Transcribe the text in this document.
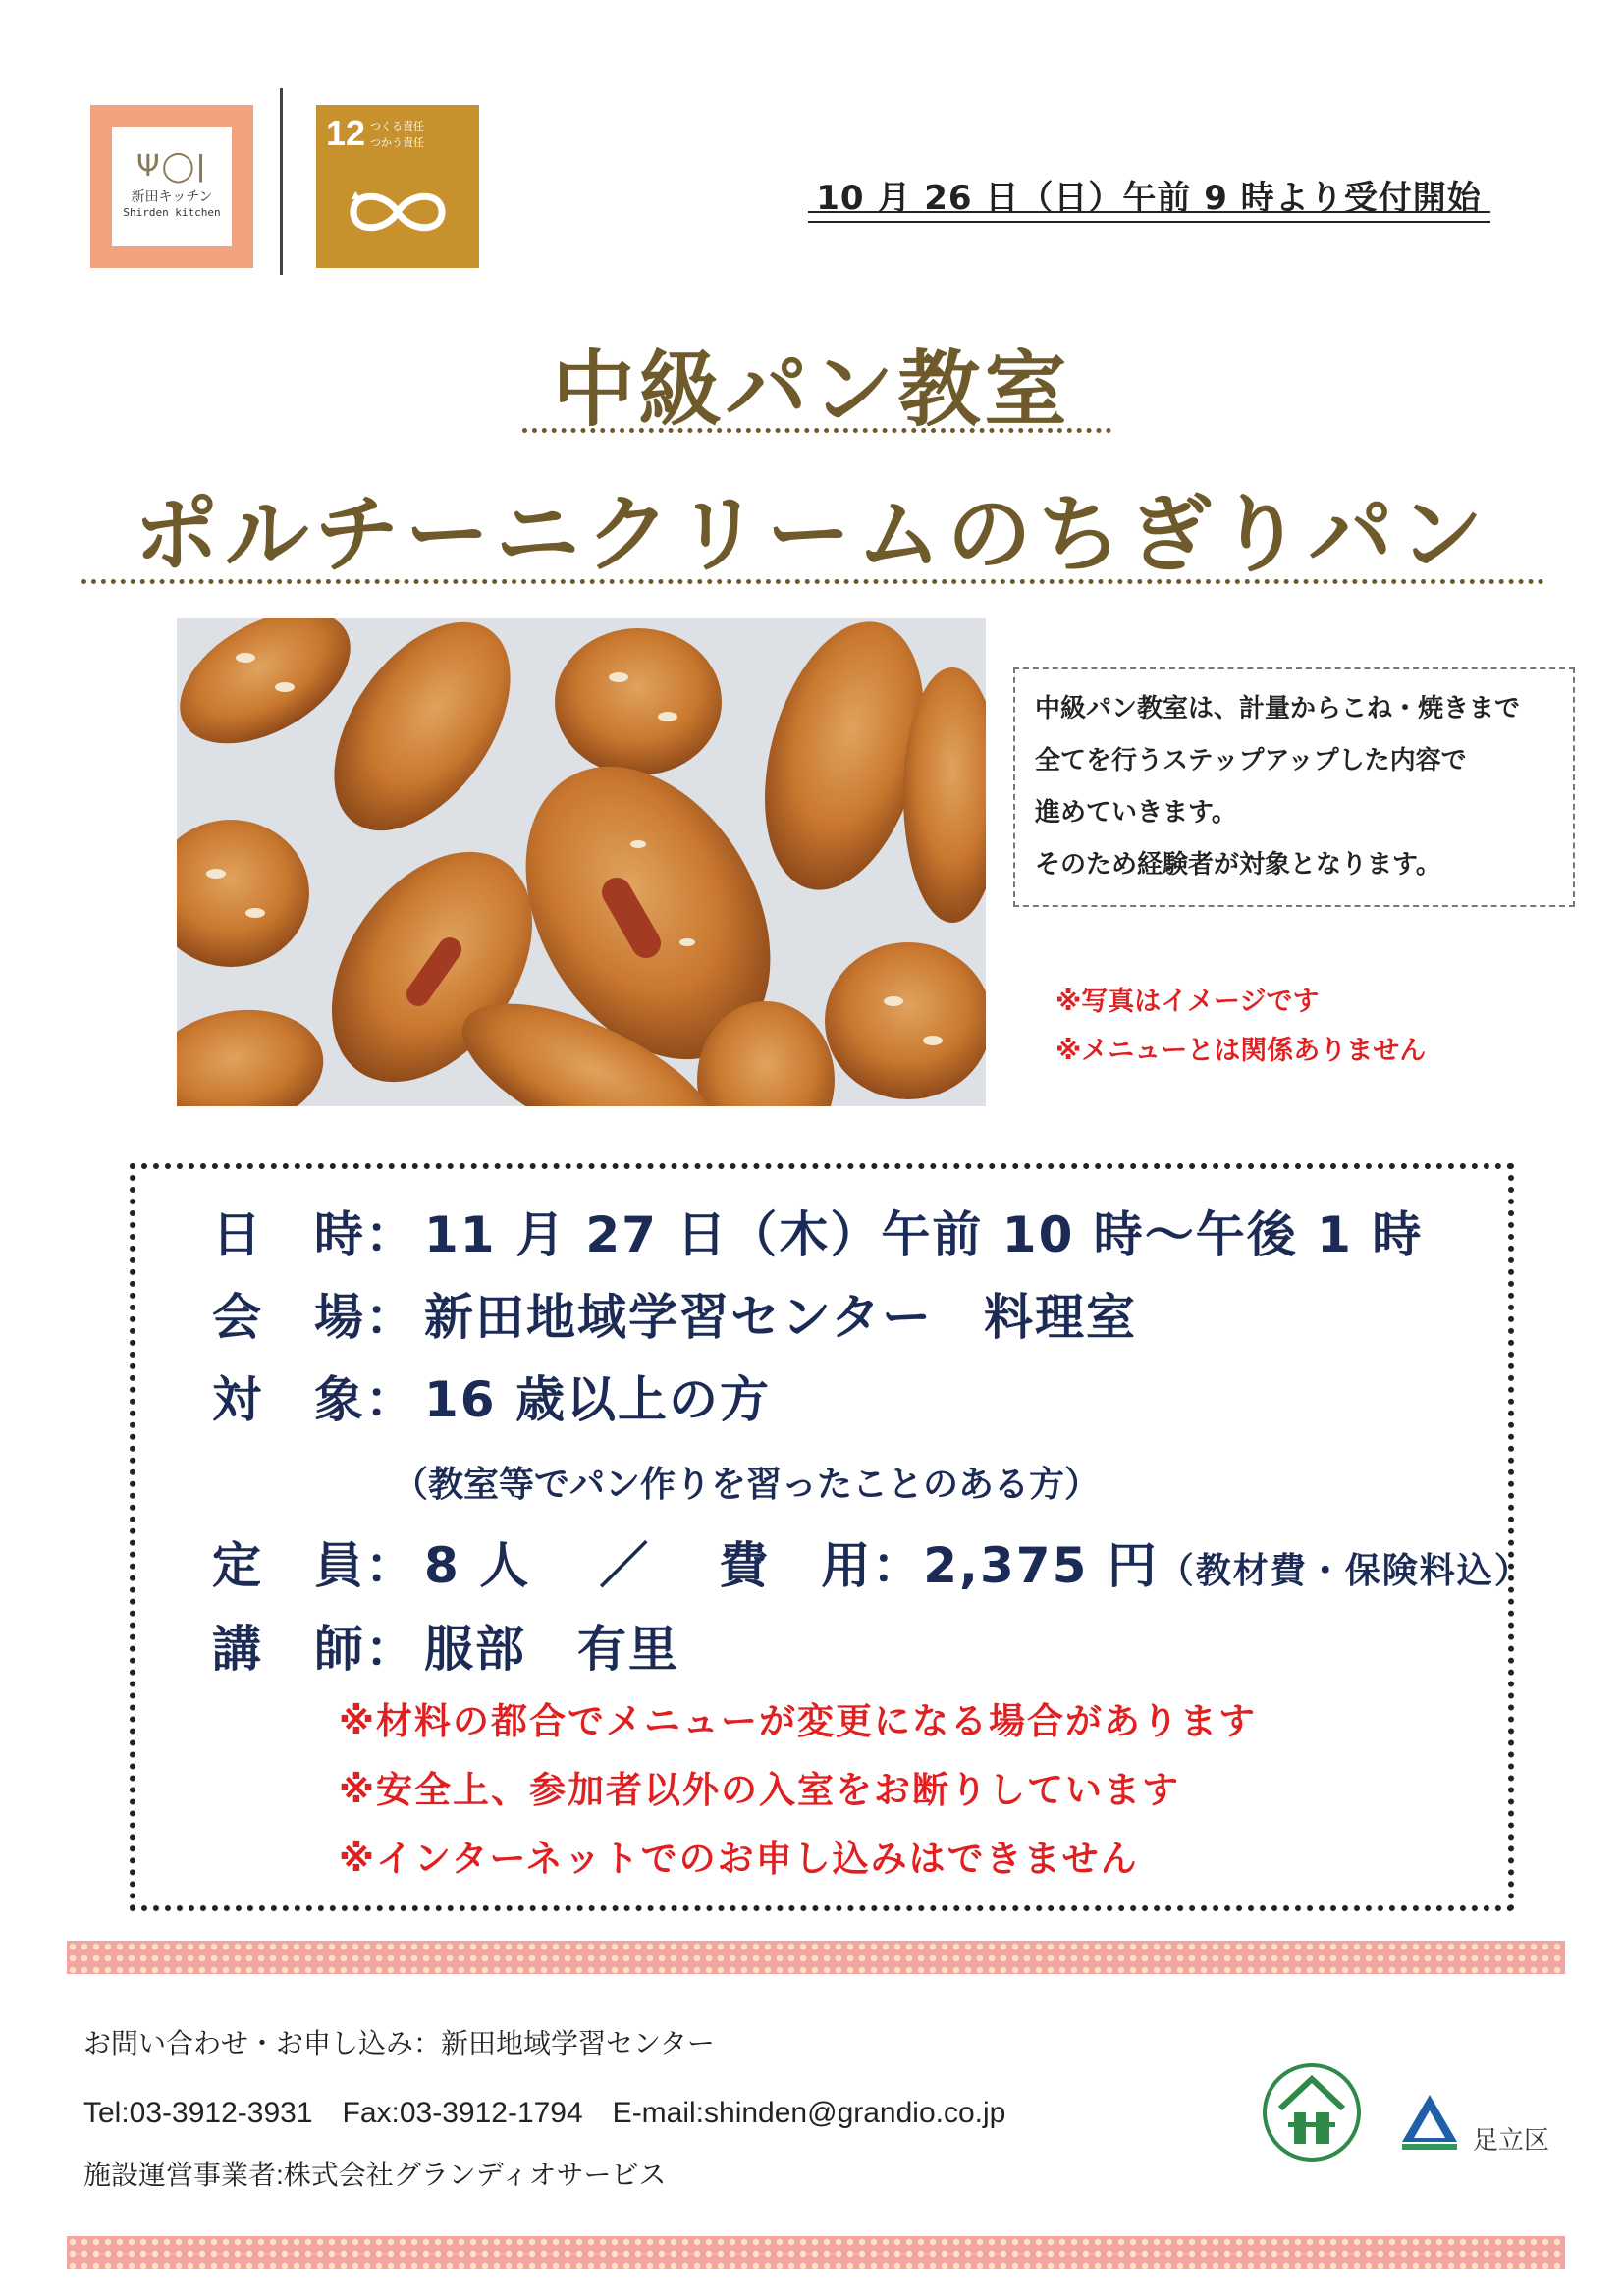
Ψ◯ǀ
新田キッチン
Shirden kitchen
12 つくる責任
つかう責任
10 月 26 日（日）午前 9 時より受付開始
中級パン教室
ポルチーニクリームのちぎりパン
中級パン教室は、計量からこね・焼きまで
全てを行うステップアップした内容で
進めていきます。
そのため経験者が対象となります。
※写真はイメージです
※メニューとは関係ありません
日　時： 11 月 27 日（木）午前 10 時～午後 1 時
会　場： 新田地域学習センター　料理室
対　象： 16 歳以上の方
（教室等でパン作りを習ったことのある方）
定　員： 8 人 ／ 費　用：2,375 円（教材費・保険料込）
講　師： 服部　有里
※材料の都合でメニューが変更になる場合があります
※安全上、参加者以外の入室をお断りしています
※インターネットでのお申し込みはできません
お問い合わせ・お申し込み：新田地域学習センター
Tel:03-3912-3931　Fax:03-3912-1794　E-mail:shinden@grandio.co.jp
施設運営事業者:株式会社グランディオサービス
足立区
